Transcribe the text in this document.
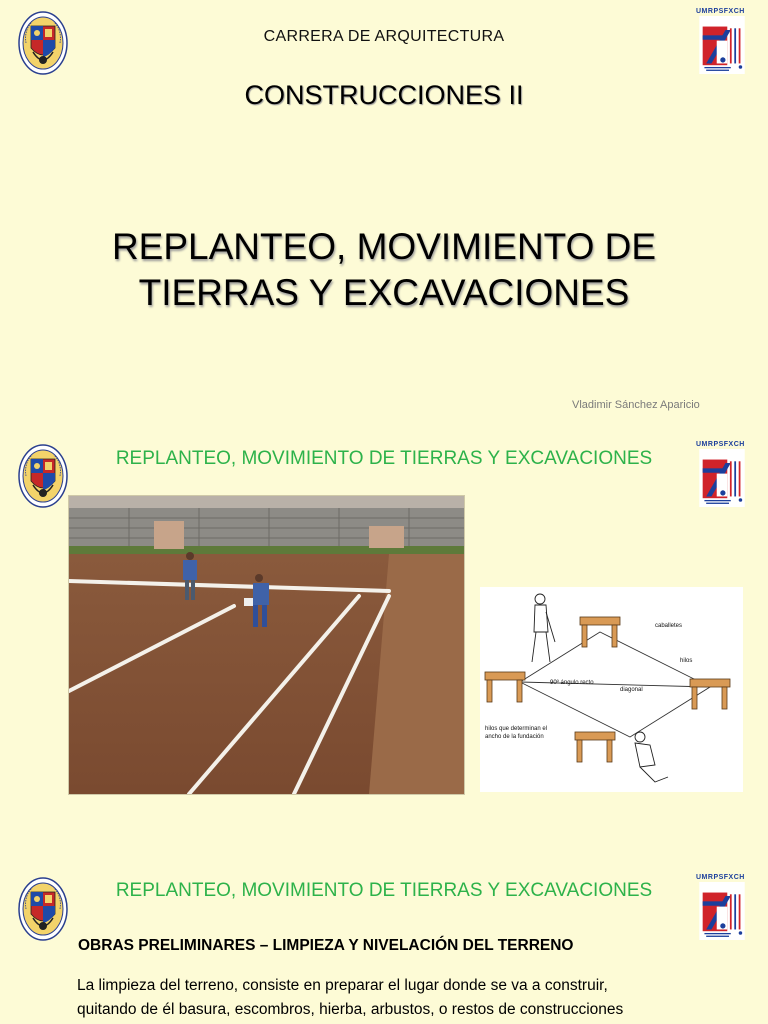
UMRPSFXCH
CARRERA DE ARQUITECTURA
CONSTRUCCIONES II
REPLANTEO, MOVIMIENTO DE
TIERRAS Y EXCAVACIONES
Vladimir Sánchez Aparicio
UMRPSFXCH
REPLANTEO, MOVIMIENTO DE TIERRAS Y EXCAVACIONES
caballetes
hilos
90º ángulo recto
diagonal
hilos que determinan el
ancho de la fundación
UMRPSFXCH
REPLANTEO, MOVIMIENTO DE TIERRAS Y EXCAVACIONES
OBRAS PRELIMINARES – LIMPIEZA Y NIVELACIÓN DEL TERRENO
La limpieza del terreno, consiste en preparar el lugar donde se va a construir,
quitando de él basura, escombros, hierba, arbustos, o restos de construcciones
